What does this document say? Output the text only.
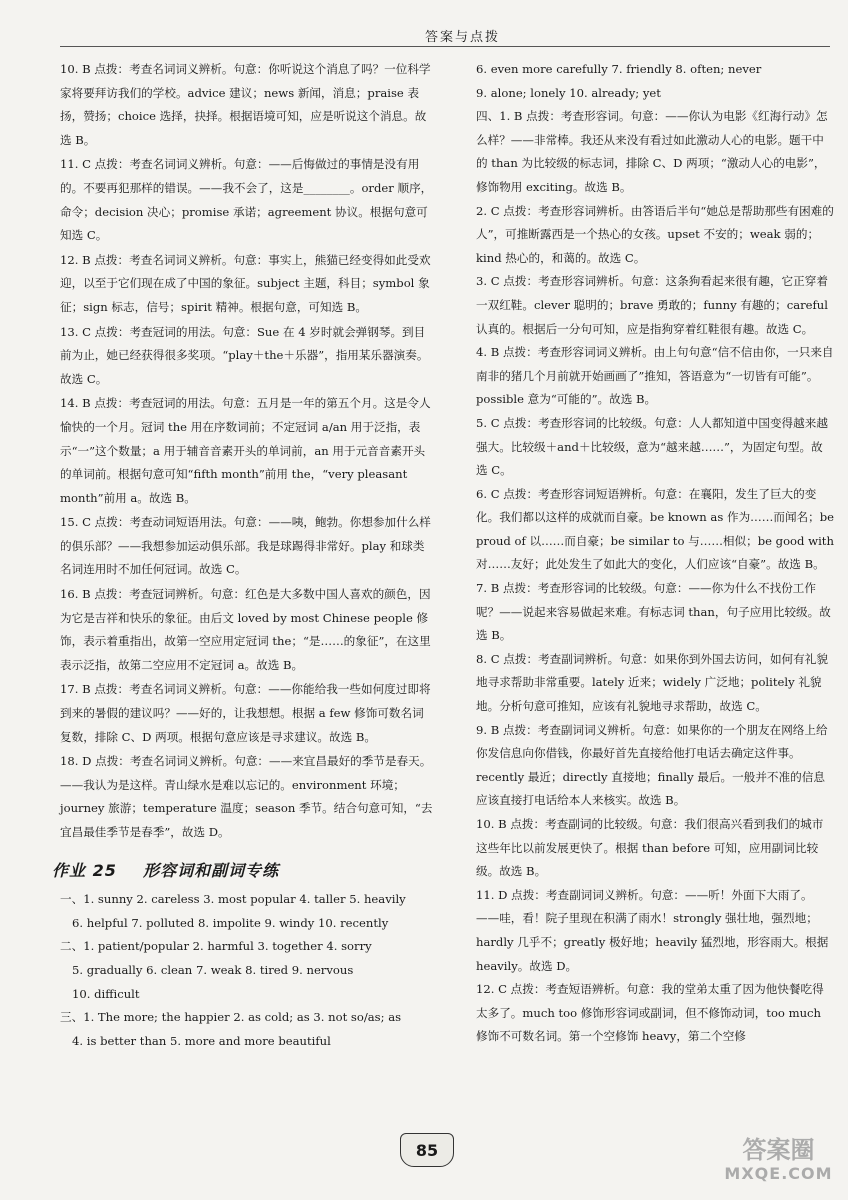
答案与点拨
10. B 点拨：考查名词词义辨析。句意：你听说这个消息了吗？一位科学家将要拜访我们的学校。advice 建议；news 新闻，消息；praise 表扬，赞扬；choice 选择，抉择。根据语境可知，应是听说这个消息。故选 B。
11. C 点拨：考查名词词义辨析。句意：——后悔做过的事情是没有用的。不要再犯那样的错误。——我不会了，这是________。order 顺序，命令；decision 决心；promise 承诺；agreement 协议。根据句意可知选 C。
12. B 点拨：考查名词词义辨析。句意：事实上，熊猫已经变得如此受欢迎，以至于它们现在成了中国的象征。subject 主题，科目；symbol 象征；sign 标志，信号；spirit 精神。根据句意，可知选 B。
13. C 点拨：考查冠词的用法。句意：Sue 在 4 岁时就会弹钢琴。到目前为止，她已经获得很多奖项。“play＋the＋乐器”，指用某乐器演奏。故选 C。
14. B 点拨：考查冠词的用法。句意：五月是一年的第五个月。这是令人愉快的一个月。冠词 the 用在序数词前；不定冠词 a/an 用于泛指，表示“一”这个数量；a 用于辅音音素开头的单词前，an 用于元音音素开头的单词前。根据句意可知“fifth month”前用 the，“very pleasant month”前用 a。故选 B。
15. C 点拨：考查动词短语用法。句意：——咦，鲍勃。你想参加什么样的俱乐部？——我想参加运动俱乐部。我是球踢得非常好。play 和球类名词连用时不加任何冠词。故选 C。
16. B 点拨：考查冠词辨析。句意：红色是大多数中国人喜欢的颜色，因为它是吉祥和快乐的象征。由后文 loved by most Chinese people 修饰，表示着重指出，故第一空应用定冠词 the；“是……的象征”，在这里表示泛指，故第二空应用不定冠词 a。故选 B。
17. B 点拨：考查名词词义辨析。句意：——你能给我一些如何度过即将到来的暑假的建议吗？——好的，让我想想。根据 a few 修饰可数名词复数，排除 C、D 两项。根据句意应该是寻求建议。故选 B。
18. D 点拨：考查名词词义辨析。句意：——来宜昌最好的季节是春天。——我认为是这样。青山绿水是难以忘记的。environment 环境；journey 旅游；temperature 温度；season 季节。结合句意可知，“去宜昌最佳季节是春季”，故选 D。
作业 25 形容词和副词专练
一、1. sunny 2. careless 3. most popular 4. taller 5. heavily
6. helpful 7. polluted 8. impolite 9. windy 10. recently
二、1. patient/popular 2. harmful 3. together 4. sorry
5. gradually 6. clean 7. weak 8. tired 9. nervous
10. difficult
三、1. The more; the happier 2. as cold; as 3. not so/as; as
4. is better than 5. more and more beautiful
6. even more carefully 7. friendly 8. often; never
9. alone; lonely 10. already; yet
四、1. B 点拨：考查形容词。句意：——你认为电影《红海行动》怎么样？——非常棒。我还从来没有看过如此激动人心的电影。题干中的 than 为比较级的标志词，排除 C、D 两项；“激动人心的电影”，修饰物用 exciting。故选 B。
2. C 点拨：考查形容词辨析。由答语后半句“她总是帮助那些有困难的人”，可推断露西是一个热心的女孩。upset 不安的；weak 弱的；kind 热心的，和蔼的。故选 C。
3. C 点拨：考查形容词辨析。句意：这条狗看起来很有趣，它正穿着一双红鞋。clever 聪明的；brave 勇敢的；funny 有趣的；careful 认真的。根据后一分句可知，应是指狗穿着红鞋很有趣。故选 C。
4. B 点拨：考查形容词词义辨析。由上句句意“信不信由你，一只来自南非的猪几个月前就开始画画了”推知，答语意为“一切皆有可能”。possible 意为“可能的”。故选 B。
5. C 点拨：考查形容词的比较级。句意：人人都知道中国变得越来越强大。比较级＋and＋比较级，意为“越来越……”，为固定句型。故选 C。
6. C 点拨：考查形容词短语辨析。句意：在襄阳，发生了巨大的变化。我们都以这样的成就而自豪。be known as 作为……而闻名；be proud of 以……而自豪；be similar to 与……相似；be good with 对……友好；此处发生了如此大的变化，人们应该“自豪”。故选 B。
7. B 点拨：考查形容词的比较级。句意：——你为什么不找份工作呢？——说起来容易做起来难。有标志词 than，句子应用比较级。故选 B。
8. C 点拨：考查副词辨析。句意：如果你到外国去访问，如何有礼貌地寻求帮助非常重要。lately 近来；widely 广泛地；politely 礼貌地。分析句意可推知，应该有礼貌地寻求帮助，故选 C。
9. B 点拨：考查副词词义辨析。句意：如果你的一个朋友在网络上给你发信息向你借钱，你最好首先直接给他打电话去确定这件事。recently 最近；directly 直接地；finally 最后。一般并不准的信息应该直接打电话给本人来核实。故选 B。
10. B 点拨：考查副词的比较级。句意：我们很高兴看到我们的城市这些年比以前发展更快了。根据 than before 可知，应用副词比较级。故选 B。
11. D 点拨：考查副词词义辨析。句意：——听！外面下大雨了。——哇，看！院子里现在积满了雨水！strongly 强壮地，强烈地；hardly 几乎不；greatly 极好地；heavily 猛烈地，形容雨大。根据 heavily。故选 D。
12. C 点拨：考查短语辨析。句意：我的堂弟太重了因为他快餐吃得太多了。much too 修饰形容词或副词，但不修饰动词，too much 修饰不可数名词。第一个空修饰 heavy，第二个空修
85	答案圈
MXQE.COM
